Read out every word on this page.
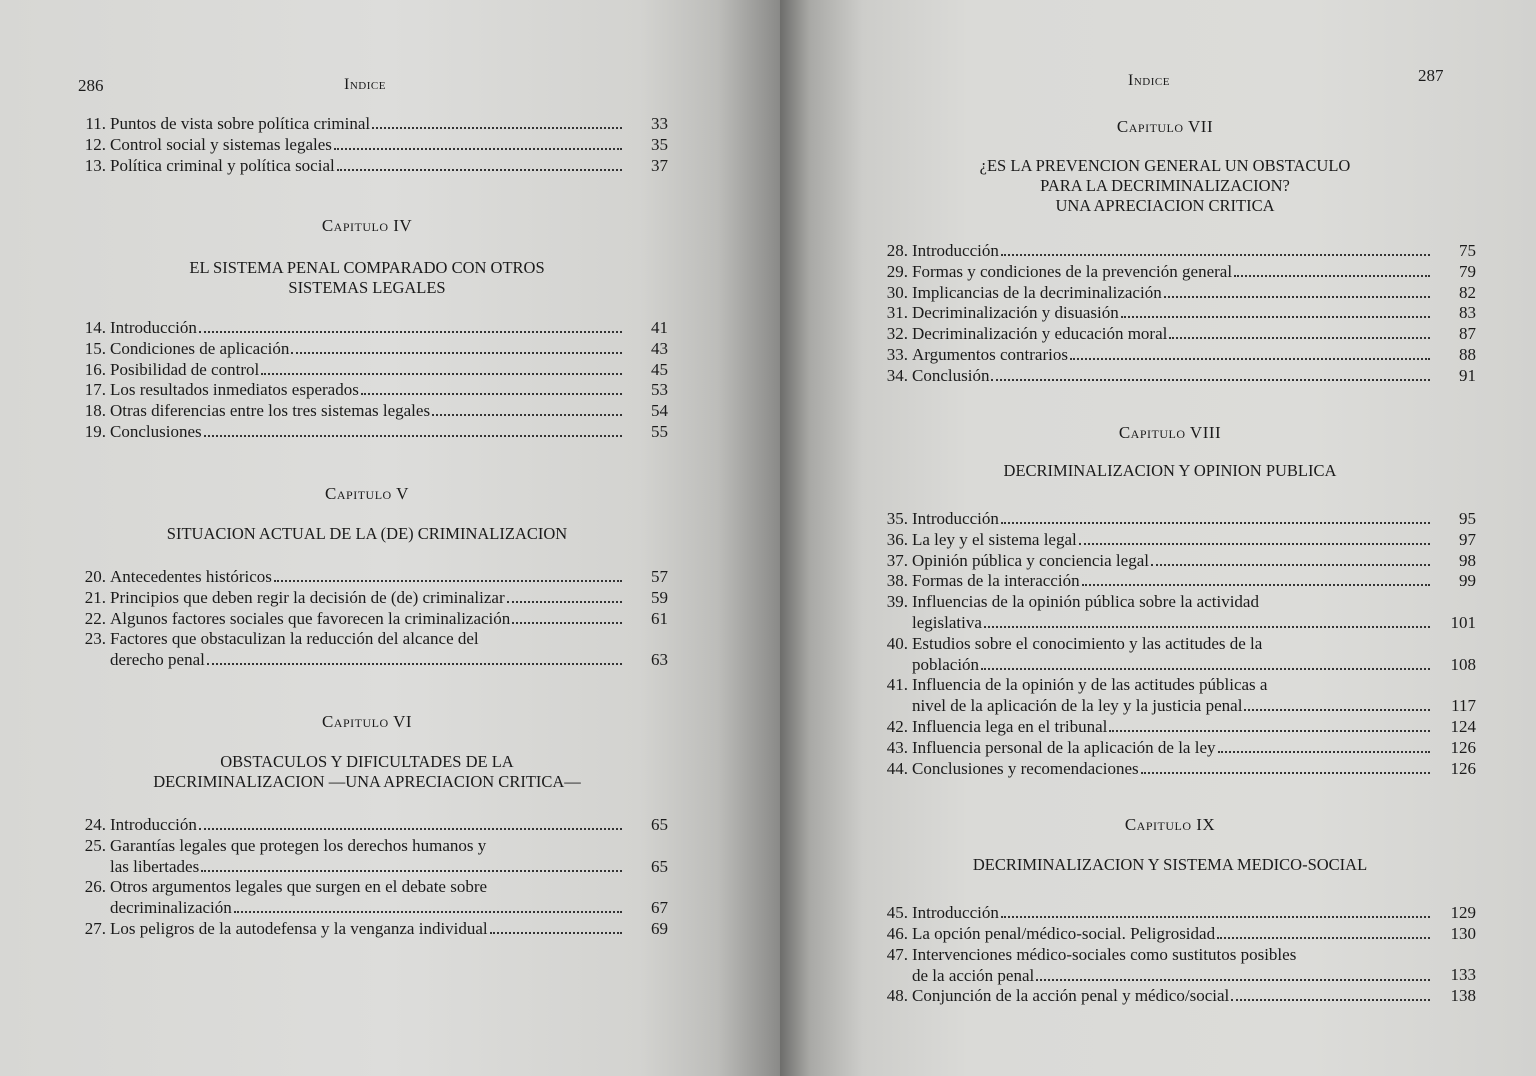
286	Indice
11. Puntos de vista sobre política criminal	33
12. Control social y sistemas legales	35
13. Política criminal y política social	37
Capitulo IV
EL SISTEMA PENAL COMPARADO CON OTROS
SISTEMAS LEGALES
14. Introducción	41
15. Condiciones de aplicación	43
16. Posibilidad de control	45
17. Los resultados inmediatos esperados	53
18. Otras diferencias entre los tres sistemas legales	54
19. Conclusiones	55
Capitulo V
SITUACION ACTUAL DE LA (DE) CRIMINALIZACION
20. Antecedentes históricos	57
21. Principios que deben regir la decisión de (de) criminalizar	59
22. Algunos factores sociales que favorecen la criminalización	61
23. Factores que obstaculizan la reducción del alcance del
derecho penal	63
Capitulo VI
OBSTACULOS Y DIFICULTADES DE LA
DECRIMINALIZACION —UNA APRECIACION CRITICA—
24. Introducción	65
25. Garantías legales que protegen los derechos humanos y
las libertades	65
26. Otros argumentos legales que surgen en el debate sobre
decriminalización	67
27. Los peligros de la autodefensa y la venganza individual	69
Indice	287
Capitulo VII
¿ES LA PREVENCION GENERAL UN OBSTACULO
PARA LA DECRIMINALIZACION?
UNA APRECIACION CRITICA
28. Introducción	75
29. Formas y condiciones de la prevención general	79
30. Implicancias de la decriminalización	82
31. Decriminalización y disuasión	83
32. Decriminalización y educación moral	87
33. Argumentos contrarios	88
34. Conclusión	91
Capitulo VIII
DECRIMINALIZACION Y OPINION PUBLICA
35. Introducción	95
36. La ley y el sistema legal	97
37. Opinión pública y conciencia legal	98
38. Formas de la interacción	99
39. Influencias de la opinión pública sobre la actividad
legislativa	101
40. Estudios sobre el conocimiento y las actitudes de la
población	108
41. Influencia de la opinión y de las actitudes públicas a
nivel de la aplicación de la ley y la justicia penal	117
42. Influencia lega en el tribunal	124
43. Influencia personal de la aplicación de la ley	126
44. Conclusiones y recomendaciones	126
Capitulo IX
DECRIMINALIZACION Y SISTEMA MEDICO-SOCIAL
45. Introducción	129
46. La opción penal/médico-social. Peligrosidad	130
47. Intervenciones médico-sociales como sustitutos posibles
de la acción penal	133
48. Conjunción de la acción penal y médico/social	138
